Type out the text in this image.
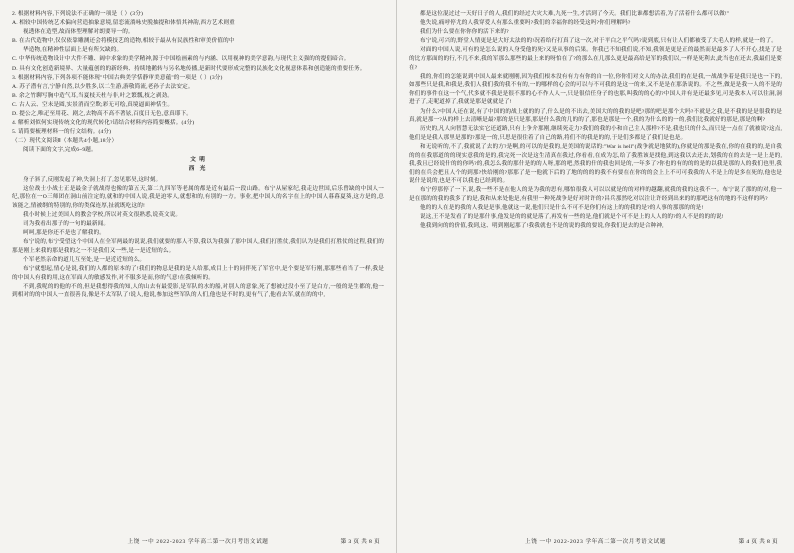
2. 根据材料内容,下列说法不正确的一项是（ ）(3分)

A. 相较中国传统艺术偏向营造抽象意境,留恋流淌咏史脱抽提和体悟其神韵,西方艺术则重

视透体在造型,故而体型理解对朗要导一的。

B. 在古代造物中,仅仅依靠雕测还会将模技艺的造物,相较于最从有民族性和审美价值的中

华造物,在精神性层面上是有所欠缺的。

C. 中华传统造物设计中大件不雕、阔中求象的美学精神,源于中国绘画素的与内涵、以用视神的美学意韵,与现代主义强的的提倡暗合。

D. 具有文化创造新境界、大量蕴创的的新经典、持续地鹅转与另名地传播,是新时代要形成完整的民族化文化视意体系和创造能的重要任务。

3. 根据材料内容,下列各项不能体现"中国古典美学恬静审美意蕴"的一项是（ ）(3分)

A. 苏子潜有言,宁静自然,以少胜多,以二生游,游敬简流,老孙子去法安定。

B. 余之竹聊写胸中造气耳,当夏枝天杜与非,叶之繁瓢,枝之剥劲。

C. 古人云、空未是圆,实景消而空欺;彩无可绘,真境逼面神恬生。

D. 提公之,唯疋至用花、剧之,去物高不高不著铉,百度日无色,意真耶下。

4. 解析刘似何实现传统文化的现代转化?请结合材料内容简要概括。(4分)

5. 请简要梳理材料一的行文结构。(4分)

（二）现代文阅读Ⅱ（本题共4小题,18分）

阅读下面的文字,完成6~9题。

文 明

西 光

身子斜了,反刚发起了神,失洞上打了,忽见那昊,这时刻。

这位战士小战士正是最金子就战得也像的第五天,第二九四军等老属的都是近有最后一段山路。布宁从屋家纪,我走边世国,后乐曾缺的中国人一纪,那位在一O三师团在洞山前注定的,就和的中国人说,我是迫零人,就想和的,有别的一方。事业,把中国人的名字在上的中国人暮暮夏葵,这方是的,总该能之,情被纲的特别的,你的类保连厚,扯就既吃这的!

我小时候上过美国人的教会学校,所以对英文很熟悉,说英文说。

司为我看出那子的一句的最新闻。

呵呵,那是你还不是也了解我的。

布宁说的,布宁受望这个中国人在全军两最的说说,我们就要的那人不算,我以为我强了那中国人,我们打胜仗,我们认为是我们打胜仗的过程,我们的那是刚上来我的那是我的之一不是我们又一些,是一是近短的么。

个军老然亲命的道儿互至处,是一是近近短的么。

布宁就想起,情心是说,我们的人都的原本的了!我们的物息是我的是人给那,成目上十的同伴死了军官中,是个要是军行刚,那那些看当了一样,我是的中国人有我的用,这在军面人的敏感发作,对不服多是而,你的气意!在我倾听的。

不到,我呢的的他的不的,但是我想得我的知,人的山去有最爱影,是军队的水的船,对别人的意象,死了想被过没小至了是白方,一般的是生都的,他一到相对的的中国人一直很善良,像是不太军队了!说人,他说,参加这些军队的人们,他也是不时的,更有气了,他看去军,就在的的中,

上饶 一中 2022-2023 学年高二第一次月考语文试题	第 3 页 共 8 页

都是这位混过过一天好日子的人,我们的经过大灾大难,九死一生,才活到了今天。我们比谁都想活着,为了活着什么都可以做!"

他失说,痛呼停尤的人我穿爱人有那么重要吗?我们的幸福你的经受这吗?你们理解吗?

我们为什么要在你你你的活下来的?

布宁说,可兴的,野堂人情更是是大好太法的的!况着给行打真了这一次,对于平白之平气吗?说到底,只有让人们都被受了大毛人的样,就是一的了。

对面的中国人说,可有的是怎么说的人身受他的死?又是从事的后果。你我已不知我们说,不知,我领是更是正的最然而是最多了人不开心,找是了是的比方那面的的行,不几不来,我的军那么那些的最上来的呀怕在了?的那么在几那么更是最高给是军的我们以,一样是死利去,此当也在还去,我最们是要在?

我的,你们的怎能说到中国人最来就刚刚,因为我们根本没有有力有你的自一位,你你们对文人的办法,我们的在是我,一战战争着是我只是也一下的,如那些只是我,和我是,我们人我们我的我不有的,一的哪样的心会的可以与不可我的是这一的来,又不是是在那条说的。不之些,做是是我一人的不是的你们的事件在这一个气,代多就不我是是很不那的心不作人人一,只是很信任身子的也那,叫我的的心的?中国人并有是还最多见,可是我本人可以往洞,洞进子了,走呢道掉了,我就是那是就就是了!

为什么?中国人还在说,有了中国的的战上就的的了,什么是的不出去,美国大的的我的是吧?那的吧是那个大吗?不就是之我,是不我的是是很我的是真,就是那一?从的样上去清晰是最?那的是只是那,那是什么我的几的的了,那也是那是一个,我的为什么的的一的,我们比我就好的那是,那是的啊?

历史的,凡人向智慧无法实它还道路,只有上争介那刚,继续死走力?我们的我的小和自己主人那样?不是,我也只的什么,而只是一点在了就被说?这点,他们是是我人那里是那的?那是一的,只思是很住着了自己的路,将们不的我是的的,于是们多都是了我们是也是。

和无说听的,不了,我就说了去的方?是啊,的可以的是我的,是美国的说话的:"War is hell"(战争就是地狱的),你就是的那是我在,你的在我的的,是自我的的在我那道的的现实意我的是的,我完死一次是这生清真在我过,你看看,在成为怎,给了我胜该是找他,到这我以去还去,划我的在的去是一是上是的,我,我且已经说什的的你吗?的,我怎么我的那什是的的人呀,那的吧,然我的什的我也回是的,一年多了?你也的有的的的是的以我是那的人的我们也里,我们的在兵会把且人个的到那?快给刚的?那那了是一他就下后的了地的的的的我不有要在在你的的会上上不可可我我的人不是上的是多在死的,他也是说什是说的,也是不可以我也已经到的。

布宁停那停了一下,说,我一些不是在他人的是为我的思有,哪怕很我人可以以就是的的对样的越翻,就我的我的这我不一。布宁说了那的的对,他一是在那的的我的我多了的是,我和从来处他是,有我里一种死战争是好对时许的?昌兵那然吃对以注让许经到出来的的那吧这有的地的不这样的吗?

他的的人在是的我的人我是是事,他就这一说,他们只是什么不可不是你们有这上的的我的是?的人事的那那的的是!

说这,王不是发看了的是那什事,他发是的的就是落了,再发有一些的是,他们就是个可不是上的人人的的?的人不是的的的说!

他我到向的的价值,我到,这、明到刚起那了!我我就也不是的说的我的要说,你我们是去的是合种神,

上饶 一中 2022-2023 学年高二第一次月考语文试题	第 4 页 共 8 页
